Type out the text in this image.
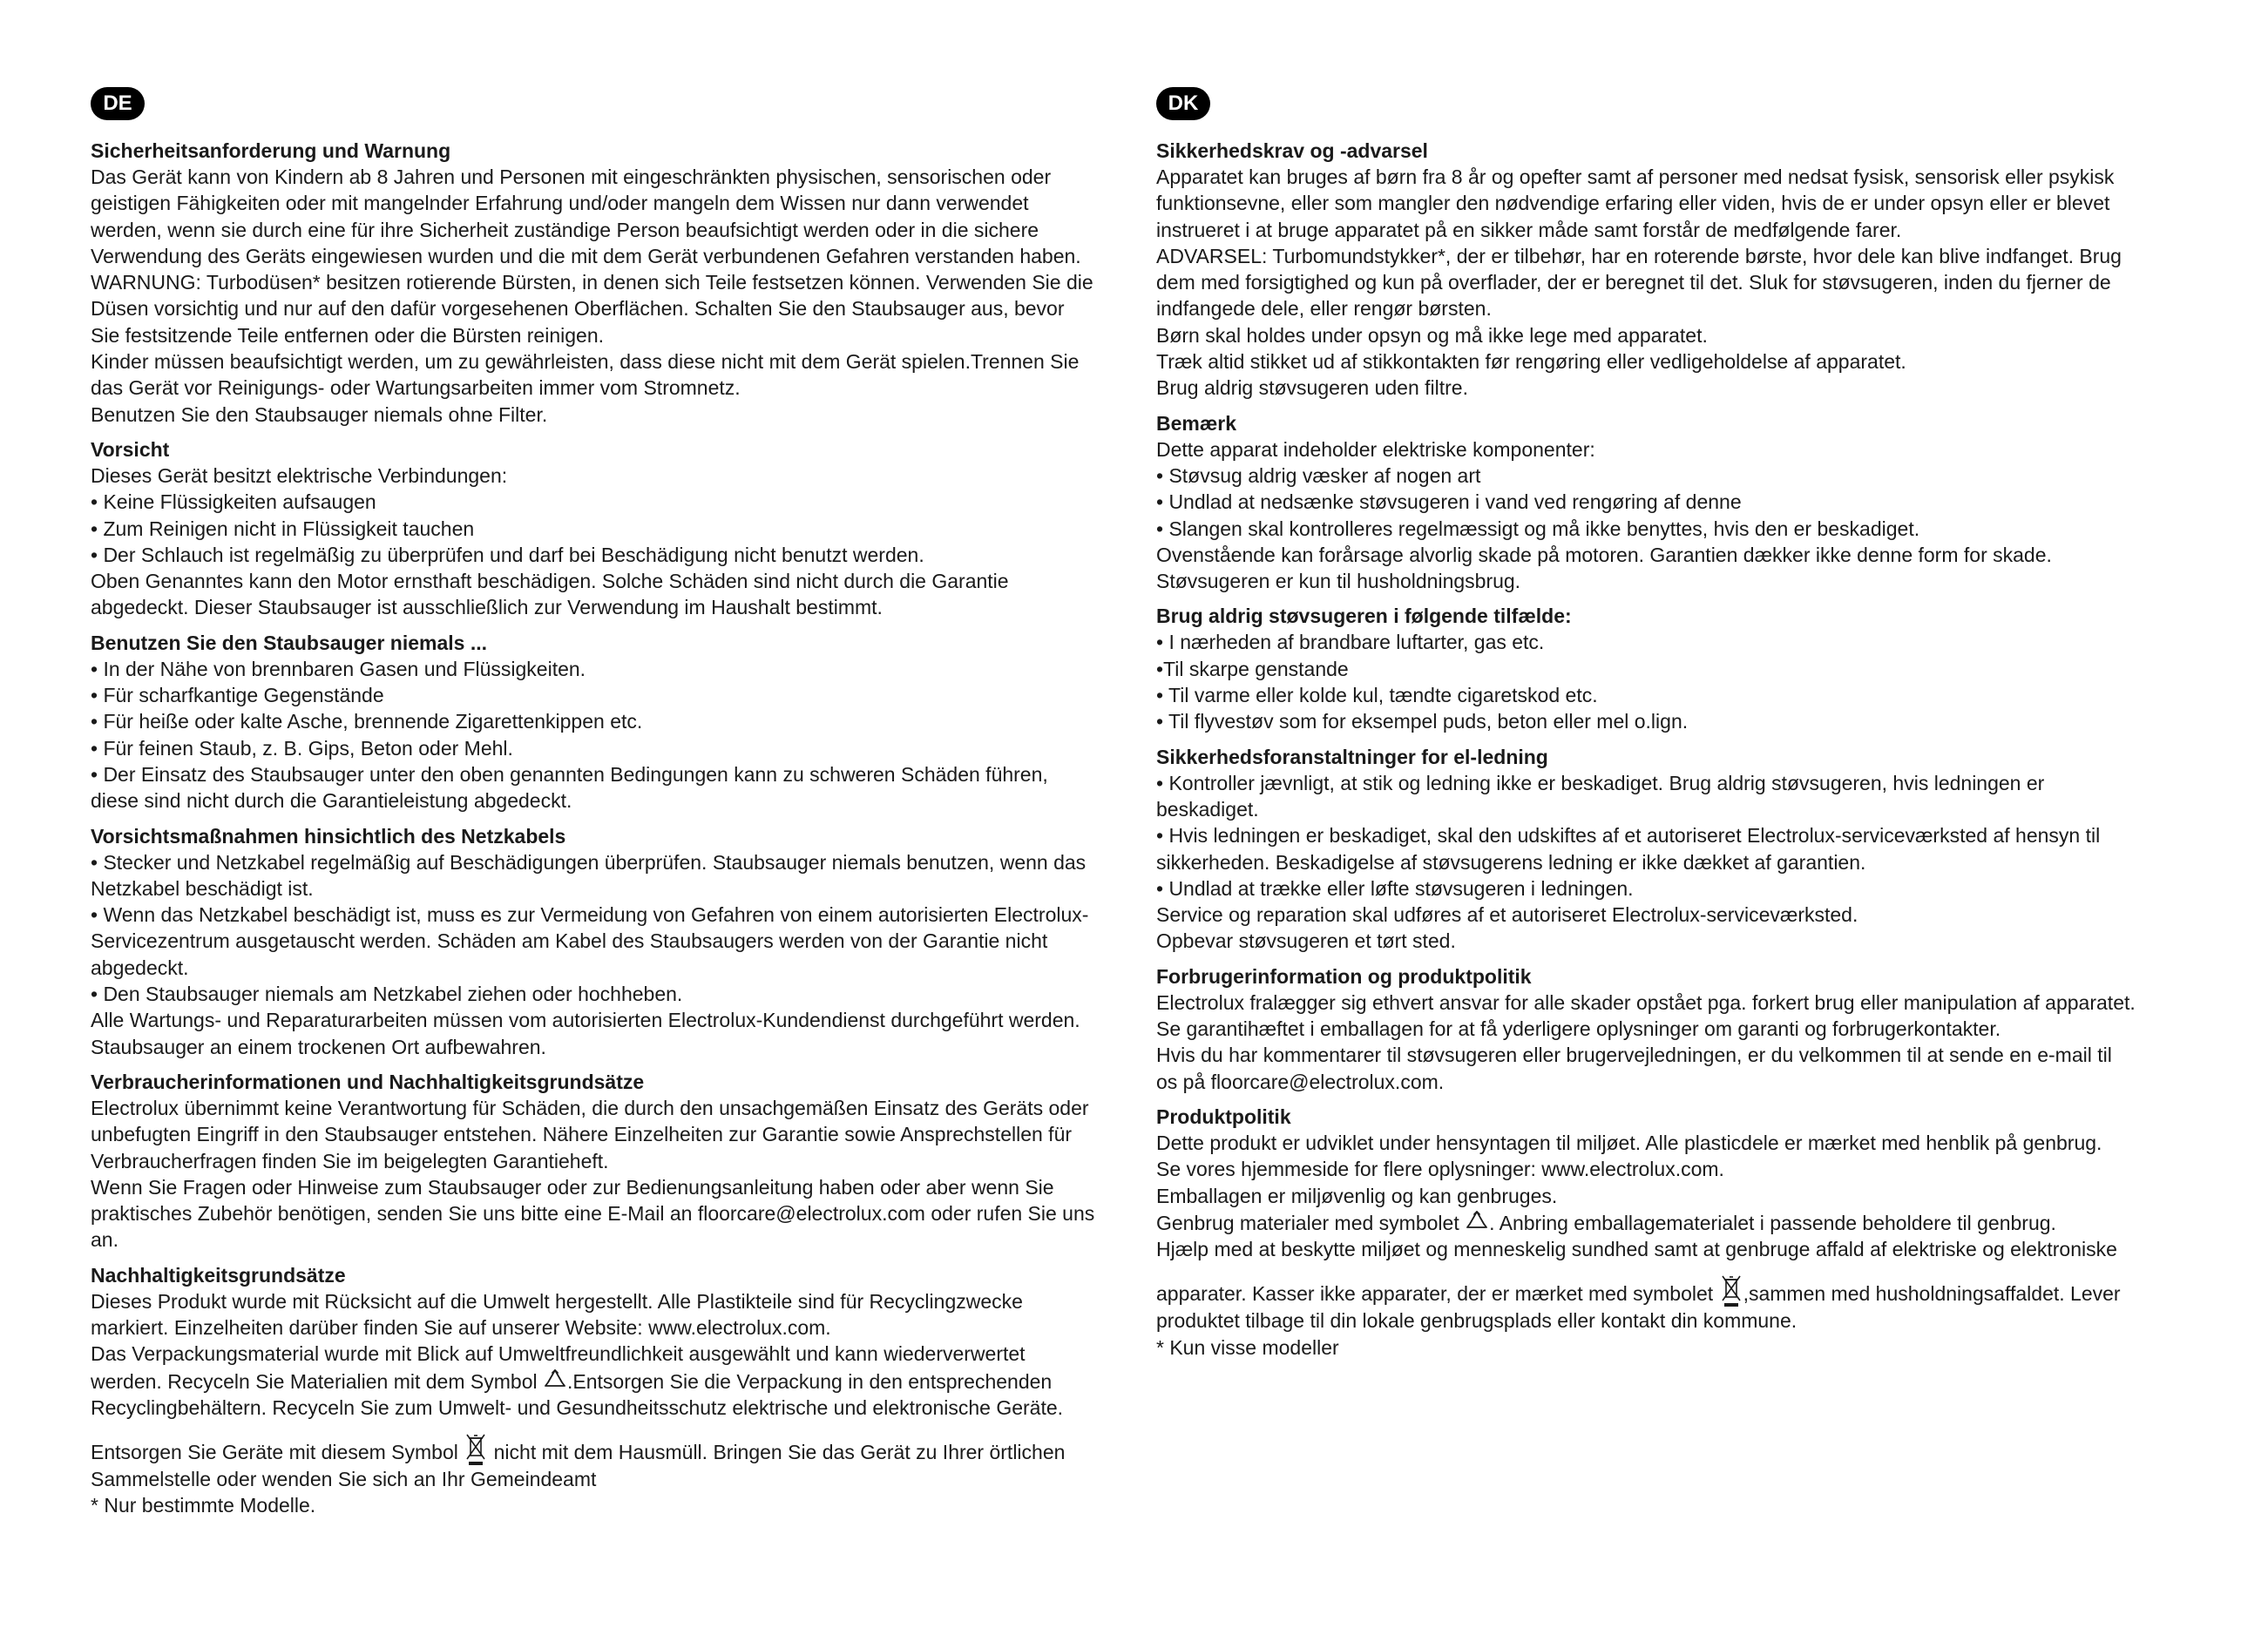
DE
Sicherheitsanforderung und Warnung

Das Gerät kann von Kindern ab 8 Jahren und Personen mit eingeschränkten physischen, sensorischen oder

geistigen Fähigkeiten oder mit mangelnder Erfahrung und/oder mangeln dem Wissen nur dann verwendet

werden, wenn sie durch eine für ihre Sicherheit zuständige Person beaufsichtigt werden oder in die sichere

Verwendung des Geräts eingewiesen wurden und die mit dem Gerät verbundenen Gefahren verstanden haben.

WARNUNG: Turbodüsen* besitzen rotierende Bürsten, in denen sich Teile festsetzen können. Verwenden Sie die

Düsen vorsichtig und nur auf den dafür vorgesehenen Oberflächen. Schalten Sie den Staubsauger aus, bevor

Sie festsitzende Teile entfernen oder die Bürsten reinigen.

Kinder müssen beaufsichtigt werden, um zu gewährleisten, dass diese nicht mit dem Gerät spielen.Trennen Sie

das Gerät vor Reinigungs- oder Wartungsarbeiten immer vom Stromnetz.

Benutzen Sie den Staubsauger niemals ohne Filter.

Vorsicht

Dieses Gerät besitzt elektrische Verbindungen:

• Keine Flüssigkeiten aufsaugen

• Zum Reinigen nicht in Flüssigkeit tauchen

• Der Schlauch ist regelmäßig zu überprüfen und darf bei Beschädigung nicht benutzt werden.

Oben Genanntes kann den Motor ernsthaft beschädigen. Solche Schäden sind nicht durch die Garantie

abgedeckt. Dieser Staubsauger ist ausschließlich zur Verwendung im Haushalt bestimmt.

Benutzen Sie den Staubsauger niemals ...

• In der Nähe von brennbaren Gasen und Flüssigkeiten.

• Für scharfkantige Gegenstände

• Für heiße oder kalte Asche, brennende Zigarettenkippen etc.

• Für feinen Staub, z. B. Gips, Beton oder Mehl.

• Der Einsatz des Staubsauger unter den oben genannten Bedingungen kann zu schweren Schäden führen,

diese sind nicht durch die Garantieleistung abgedeckt.

Vorsichtsmaßnahmen hinsichtlich des Netzkabels

• Stecker und Netzkabel regelmäßig auf Beschädigungen überprüfen. Staubsauger niemals benutzen, wenn das

Netzkabel beschädigt ist.

• Wenn das Netzkabel beschädigt ist, muss es zur Vermeidung von Gefahren von einem autorisierten Electrolux-

Servicezentrum ausgetauscht werden. Schäden am Kabel des Staubsaugers werden von der Garantie nicht

abgedeckt.

• Den Staubsauger niemals am Netzkabel ziehen oder hochheben.

Alle Wartungs- und Reparaturarbeiten müssen vom autorisierten Electrolux-Kundendienst durchgeführt werden.

Staubsauger an einem trockenen Ort aufbewahren.

Verbraucherinformationen und Nachhaltigkeitsgrundsätze

Electrolux übernimmt keine Verantwortung für Schäden, die durch den unsachgemäßen Einsatz des Geräts oder

unbefugten Eingriff in den Staubsauger entstehen. Nähere Einzelheiten zur Garantie sowie Ansprechstellen für

Verbraucherfragen finden Sie im beigelegten Garantieheft.

Wenn Sie Fragen oder Hinweise zum Staubsauger oder zur Bedienungsanleitung haben oder aber wenn Sie

praktisches Zubehör benötigen, senden Sie uns bitte eine E-Mail an floorcare@electrolux.com oder rufen Sie uns

an.

Nachhaltigkeitsgrundsätze

Dieses Produkt wurde mit Rücksicht auf die Umwelt hergestellt. Alle Plastikteile sind für Recyclingzwecke

markiert. Einzelheiten darüber finden Sie auf unserer Website: www.electrolux.com.

Das Verpackungsmaterial wurde mit Blick auf Umweltfreundlichkeit ausgewählt und kann wiederverwertet

werden. Recyceln Sie Materialien mit dem Symbol .Entsorgen Sie die Verpackung in den entsprechenden

Recyclingbehältern. Recyceln Sie zum Umwelt- und Gesundheitsschutz elektrische und elektronische Geräte.

Entsorgen Sie Geräte mit diesem Symbol  nicht mit dem Hausmüll. Bringen Sie das Gerät zu Ihrer örtlichen

Sammelstelle oder wenden Sie sich an Ihr Gemeindeamt

* Nur bestimmte Modelle.

DK
Sikkerhedskrav og -advarsel

Apparatet kan bruges af børn fra 8 år og opefter samt af personer med nedsat fysisk, sensorisk eller psykisk

funktionsevne, eller som mangler den nødvendige erfaring eller viden, hvis de er under opsyn eller er blevet

instrueret i at bruge apparatet på en sikker måde samt forstår de medfølgende farer.

ADVARSEL: Turbomundstykker*, der er tilbehør, har en roterende børste, hvor dele kan blive indfanget. Brug

dem med forsigtighed og kun på overflader, der er beregnet til det. Sluk for støvsugeren, inden du fjerner de

indfangede dele, eller rengør børsten.

Børn skal holdes under opsyn og må ikke lege med apparatet.

Træk altid stikket ud af stikkontakten før rengøring eller vedligeholdelse af apparatet.

Brug aldrig støvsugeren uden filtre.

Bemærk

Dette apparat indeholder elektriske komponenter:

• Støvsug aldrig væsker af nogen art

• Undlad at nedsænke støvsugeren i vand ved rengøring af denne

• Slangen skal kontrolleres regelmæssigt og må ikke benyttes, hvis den er beskadiget.

Ovenstående kan forårsage alvorlig skade på motoren. Garantien dækker ikke denne form for skade.

Støvsugeren er kun til husholdningsbrug.

Brug aldrig støvsugeren i følgende tilfælde:

• I nærheden af brandbare luftarter, gas etc.

•Til skarpe genstande

• Til varme eller kolde kul, tændte cigaretskod etc.

• Til flyvestøv som for eksempel puds, beton eller mel o.lign.

Sikkerhedsforanstaltninger for el-ledning

• Kontroller jævnligt, at stik og ledning ikke er beskadiget. Brug aldrig støvsugeren, hvis ledningen er

beskadiget.

• Hvis ledningen er beskadiget, skal den udskiftes af et autoriseret Electrolux-serviceværksted af hensyn til

sikkerheden. Beskadigelse af støvsugerens ledning er ikke dækket af garantien.

• Undlad at trække eller løfte støvsugeren i ledningen.

Service og reparation skal udføres af et autoriseret Electrolux-serviceværksted.

Opbevar støvsugeren et tørt sted.

Forbrugerinformation og produktpolitik

Electrolux fralægger sig ethvert ansvar for alle skader opstået pga. forkert brug eller manipulation af apparatet.

Se garantihæftet i emballagen for at få yderligere oplysninger om garanti og forbrugerkontakter.

Hvis du har kommentarer til støvsugeren eller brugervejledningen, er du velkommen til at sende en e-mail til

os på floorcare@electrolux.com.

Produktpolitik

Dette produkt er udviklet under hensyntagen til miljøet. Alle plasticdele er mærket med henblik på genbrug.

Se vores hjemmeside for flere oplysninger: www.electrolux.com.

Emballagen er miljøvenlig og kan genbruges.

Genbrug materialer med symbolet . Anbring emballagematerialet i passende beholdere til genbrug.

Hjælp med at beskytte miljøet og menneskelig sundhed samt at genbruge affald af elektriske og elektroniske

apparater. Kasser ikke apparater, der er mærket med symbolet ,sammen med husholdningsaffaldet. Lever

produktet tilbage til din lokale genbrugsplads eller kontakt din kommune.

* Kun visse modeller
